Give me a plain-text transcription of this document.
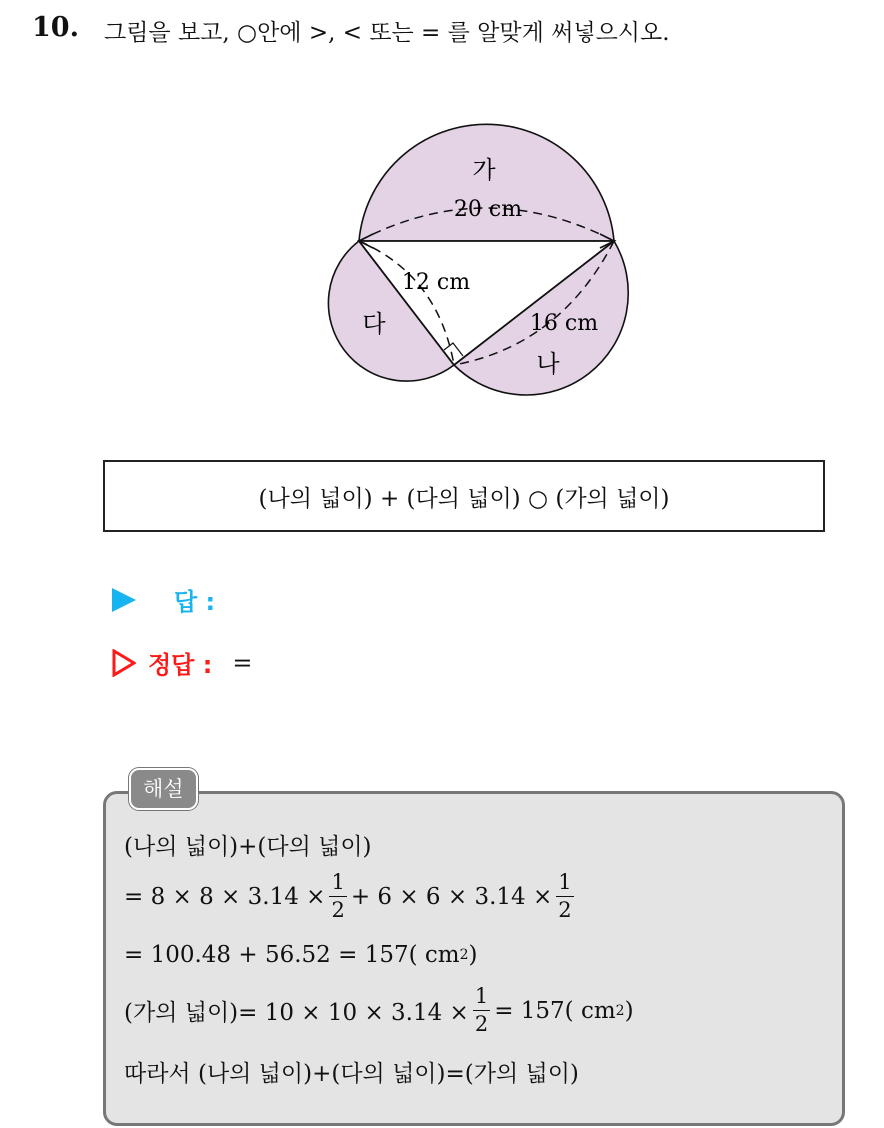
10. 그림을 보고, ○안에 >, < 또는 = 를 알맞게 써넣으시오.
가
나
다
20 cm
12 cm
16 cm
(나의 넓이) + (다의 넓이) ○ (가의 넓이)
답 :
정답 : =
해설
(나의 넓이)+(다의 넓이)
= $8 \times 8 \times 3.14 \times \frac{1}{2} + 6 \times 6 \times 3.14 \times \frac{1}{2}$
= 100.48 + 56.52 = 157( cm 2 )
(가의 넓이)= $10 \times 10 \times 3.14 \times \frac{1}{2} = 157$( cm 2 )
따라서 (나의 넓이)+(다의 넓이)=(가의 넓이)
